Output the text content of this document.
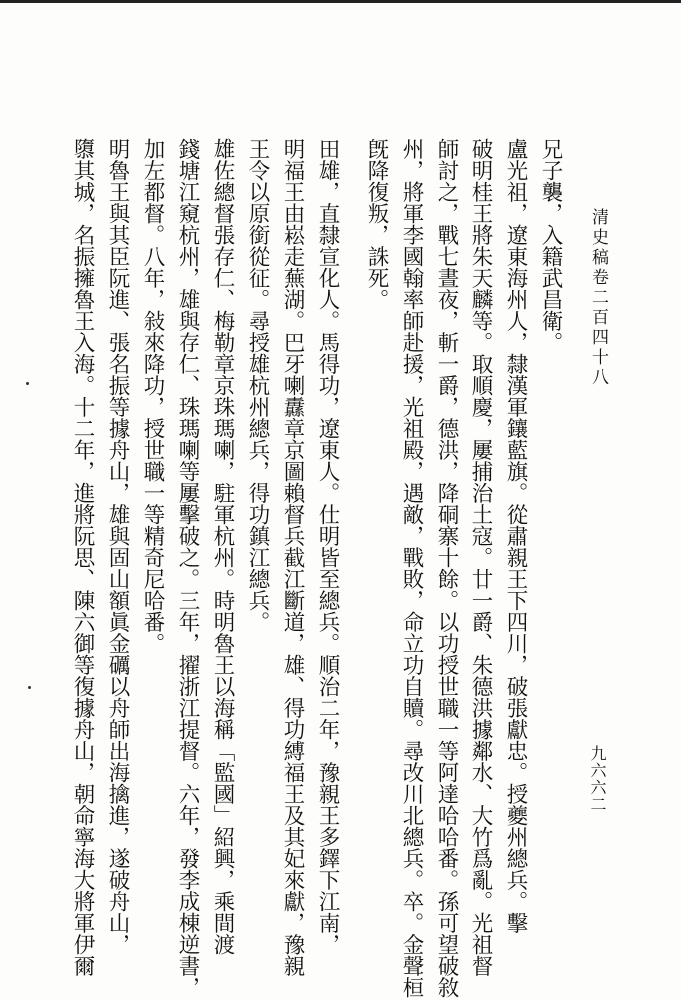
清史稿卷二百四十八
九六六二
兄子襲，入籍武昌衛。
盧光祖，遼東海州人，隸漢軍鑲藍旗。從肅親王下四川，破張獻忠。授夔州總兵。擊
破明桂王將朱天麟等。取順慶，屢捕治土寇。廿一爵、朱德洪據鄰水、大竹爲亂。光祖督
師討之，戰七晝夜，斬一爵，德洪，降硐寨十餘。以功授世職一等阿達哈哈番。孫可望破敘
州，將軍李國翰率師赴援，光祖殿，遇敵，戰敗，命立功自贖。尋改川北總兵。卒。金聲桓
旣降復叛，誅死。
田雄，直隸宣化人。馬得功，遼東人。仕明皆至總兵。順治二年，豫親王多鐸下江南，
明福王由崧走蕪湖。巴牙喇纛章京圖賴督兵截江斷道，雄、得功縛福王及其妃來獻，豫親
王令以原銜從征。尋授雄杭州總兵，得功鎮江總兵。
雄佐總督張存仁、梅勒章京珠瑪喇，駐軍杭州。時明魯王以海稱「監國」紹興，乘間渡
錢塘江窺杭州，雄與存仁、珠瑪喇等屢擊破之。三年，擢浙江提督。六年，發李成棟逆書，
加左都督。八年，敍來降功，授世職一等精奇尼哈番。
明魯王與其臣阮進、張名振等據舟山，雄與固山額眞金礪以舟師出海擒進，遂破舟山，
隳其城，名振擁魯王入海。十二年，進將阮思、陳六御等復據舟山，朝命寧海大將軍伊爾
